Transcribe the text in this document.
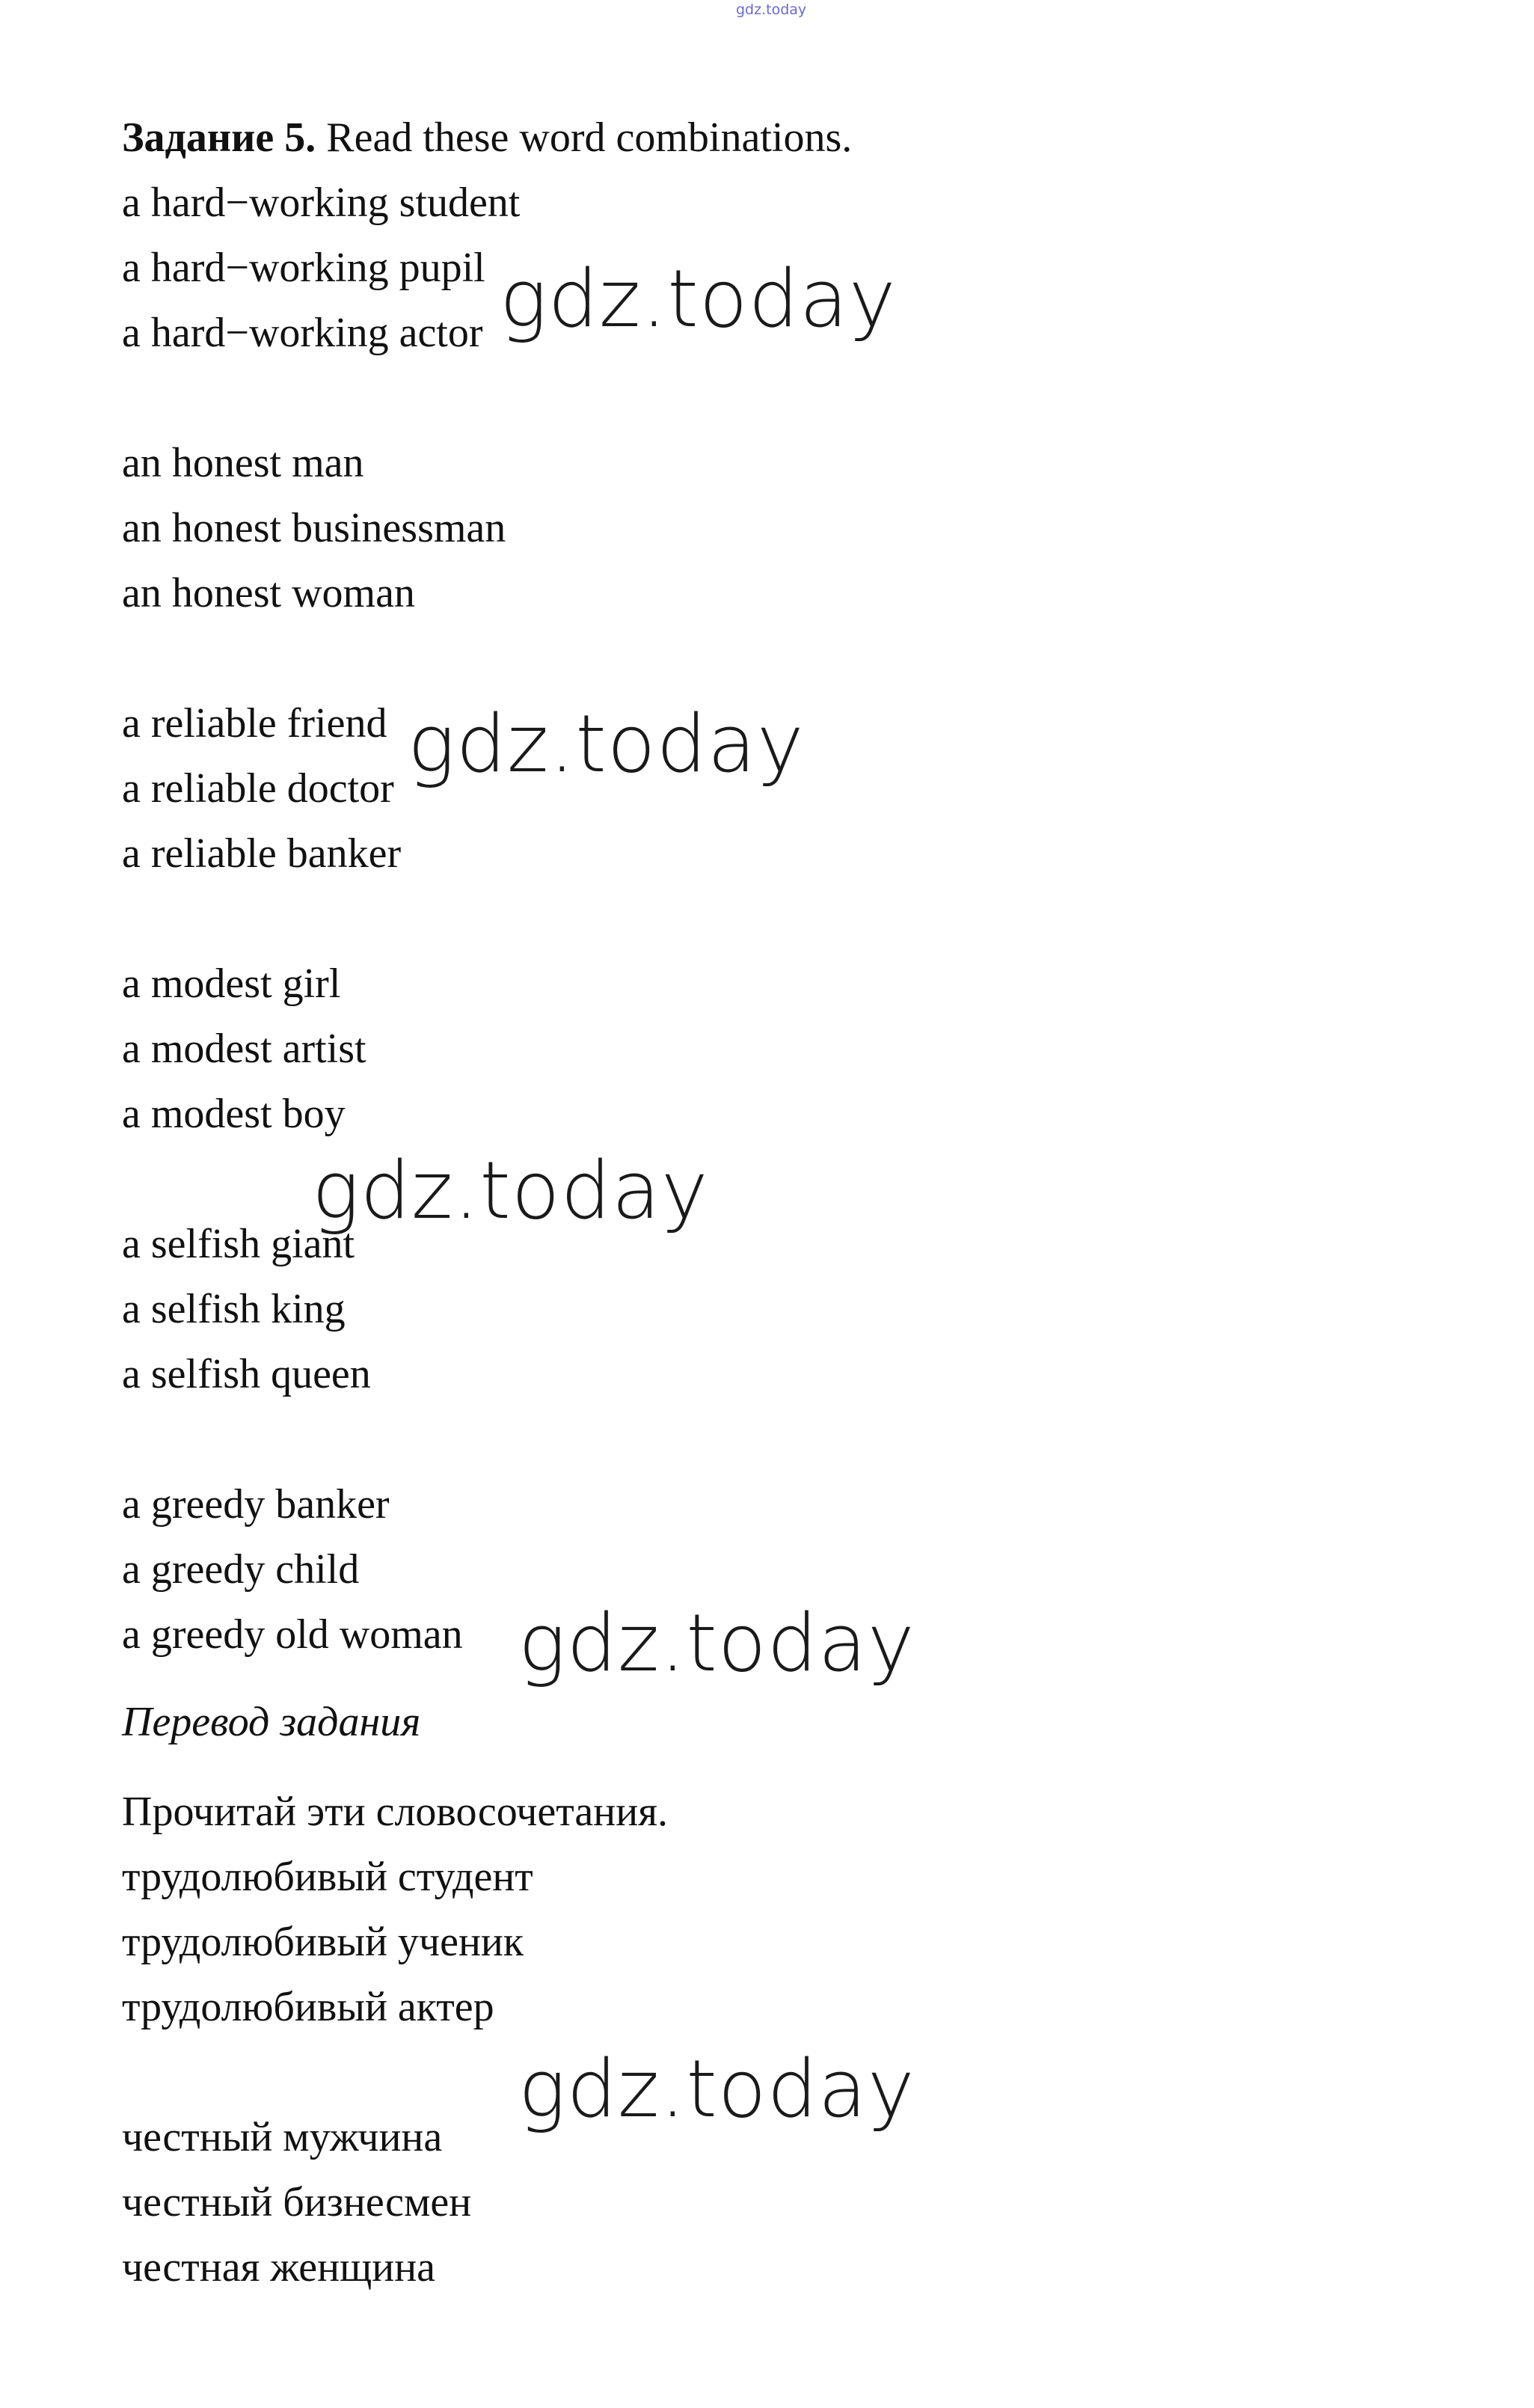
gdz.today
Задание 5. Read these word combinations.
a hard−working student
a hard−working pupil
a hard−working actor
an honest man
an honest businessman
an honest woman
a reliable friend
a reliable doctor
a reliable banker
a modest girl
a modest artist
a modest boy
a selfish giant
a selfish king
a selfish queen
a greedy banker
a greedy child
a greedy old woman
Перевод задания
Прочитай эти словосочетания.
трудолюбивый студент
трудолюбивый ученик
трудолюбивый актер
честный мужчина
честный бизнесмен
честная женщина
gdz.today
gdz.today
gdz.today
gdz.today
gdz.today
